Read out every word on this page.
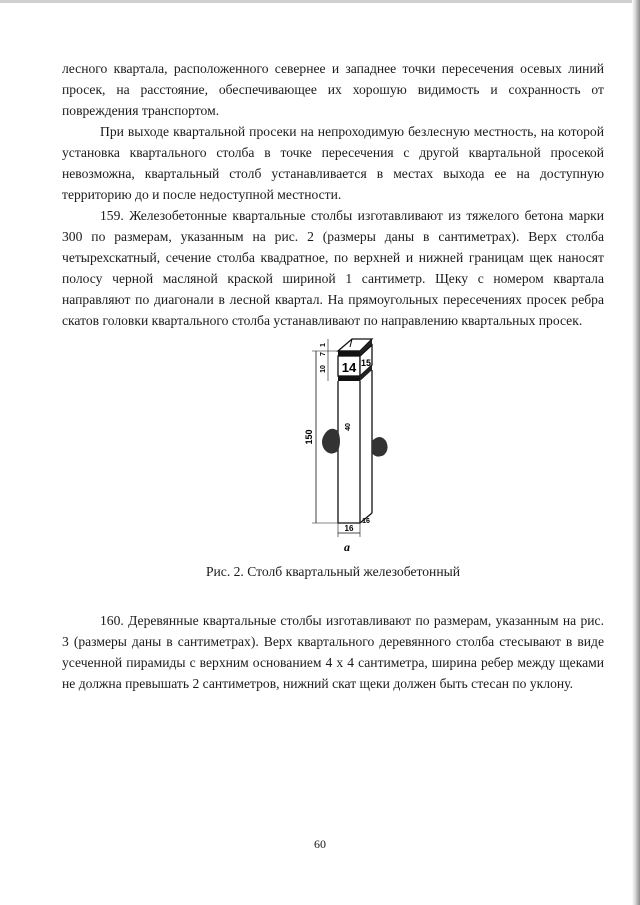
лесного квартала, расположенного севернее и западнее точки пересечения осевых линий просек, на расстояние, обеспечивающее их хорошую видимость и сохранность от повреждения транспортом.

При выходе квартальной просеки на непроходимую безлесную местность, на которой установка квартального столба в точке пересечения с другой квартальной просекой невозможна, квартальный столб устанавливается в местах выхода ее на доступную территорию до и после недоступной местности.

159. Железобетонные квартальные столбы изготавливают из тяжелого бетона марки 300 по размерам, указанным на рис. 2 (размеры даны в сантиметрах). Верх столба четырехскатный, сечение столба квадратное, по верхней и нижней границам щек наносят полосу черной масляной краской шириной 1 сантиметр. Щеку с номером квартала направляют по диагонали в лесной квартал. На прямоугольных пересечениях просек ребра скатов головки квартального столба устанавливают по направлению квартальных просек.

14 15
150
1
7
10
40
16
16
а
Рис. 2. Столб квартальный железобетонный

160. Деревянные квартальные столбы изготавливают по размерам, указанным на рис. 3 (размеры даны в сантиметрах). Верх квартального деревянного столба стесывают в виде усеченной пирамиды с верхним основанием 4 х 4 сантиметра, ширина ребер между щеками не должна превышать 2 сантиметров, нижний скат щеки должен быть стесан по уклону.

60
